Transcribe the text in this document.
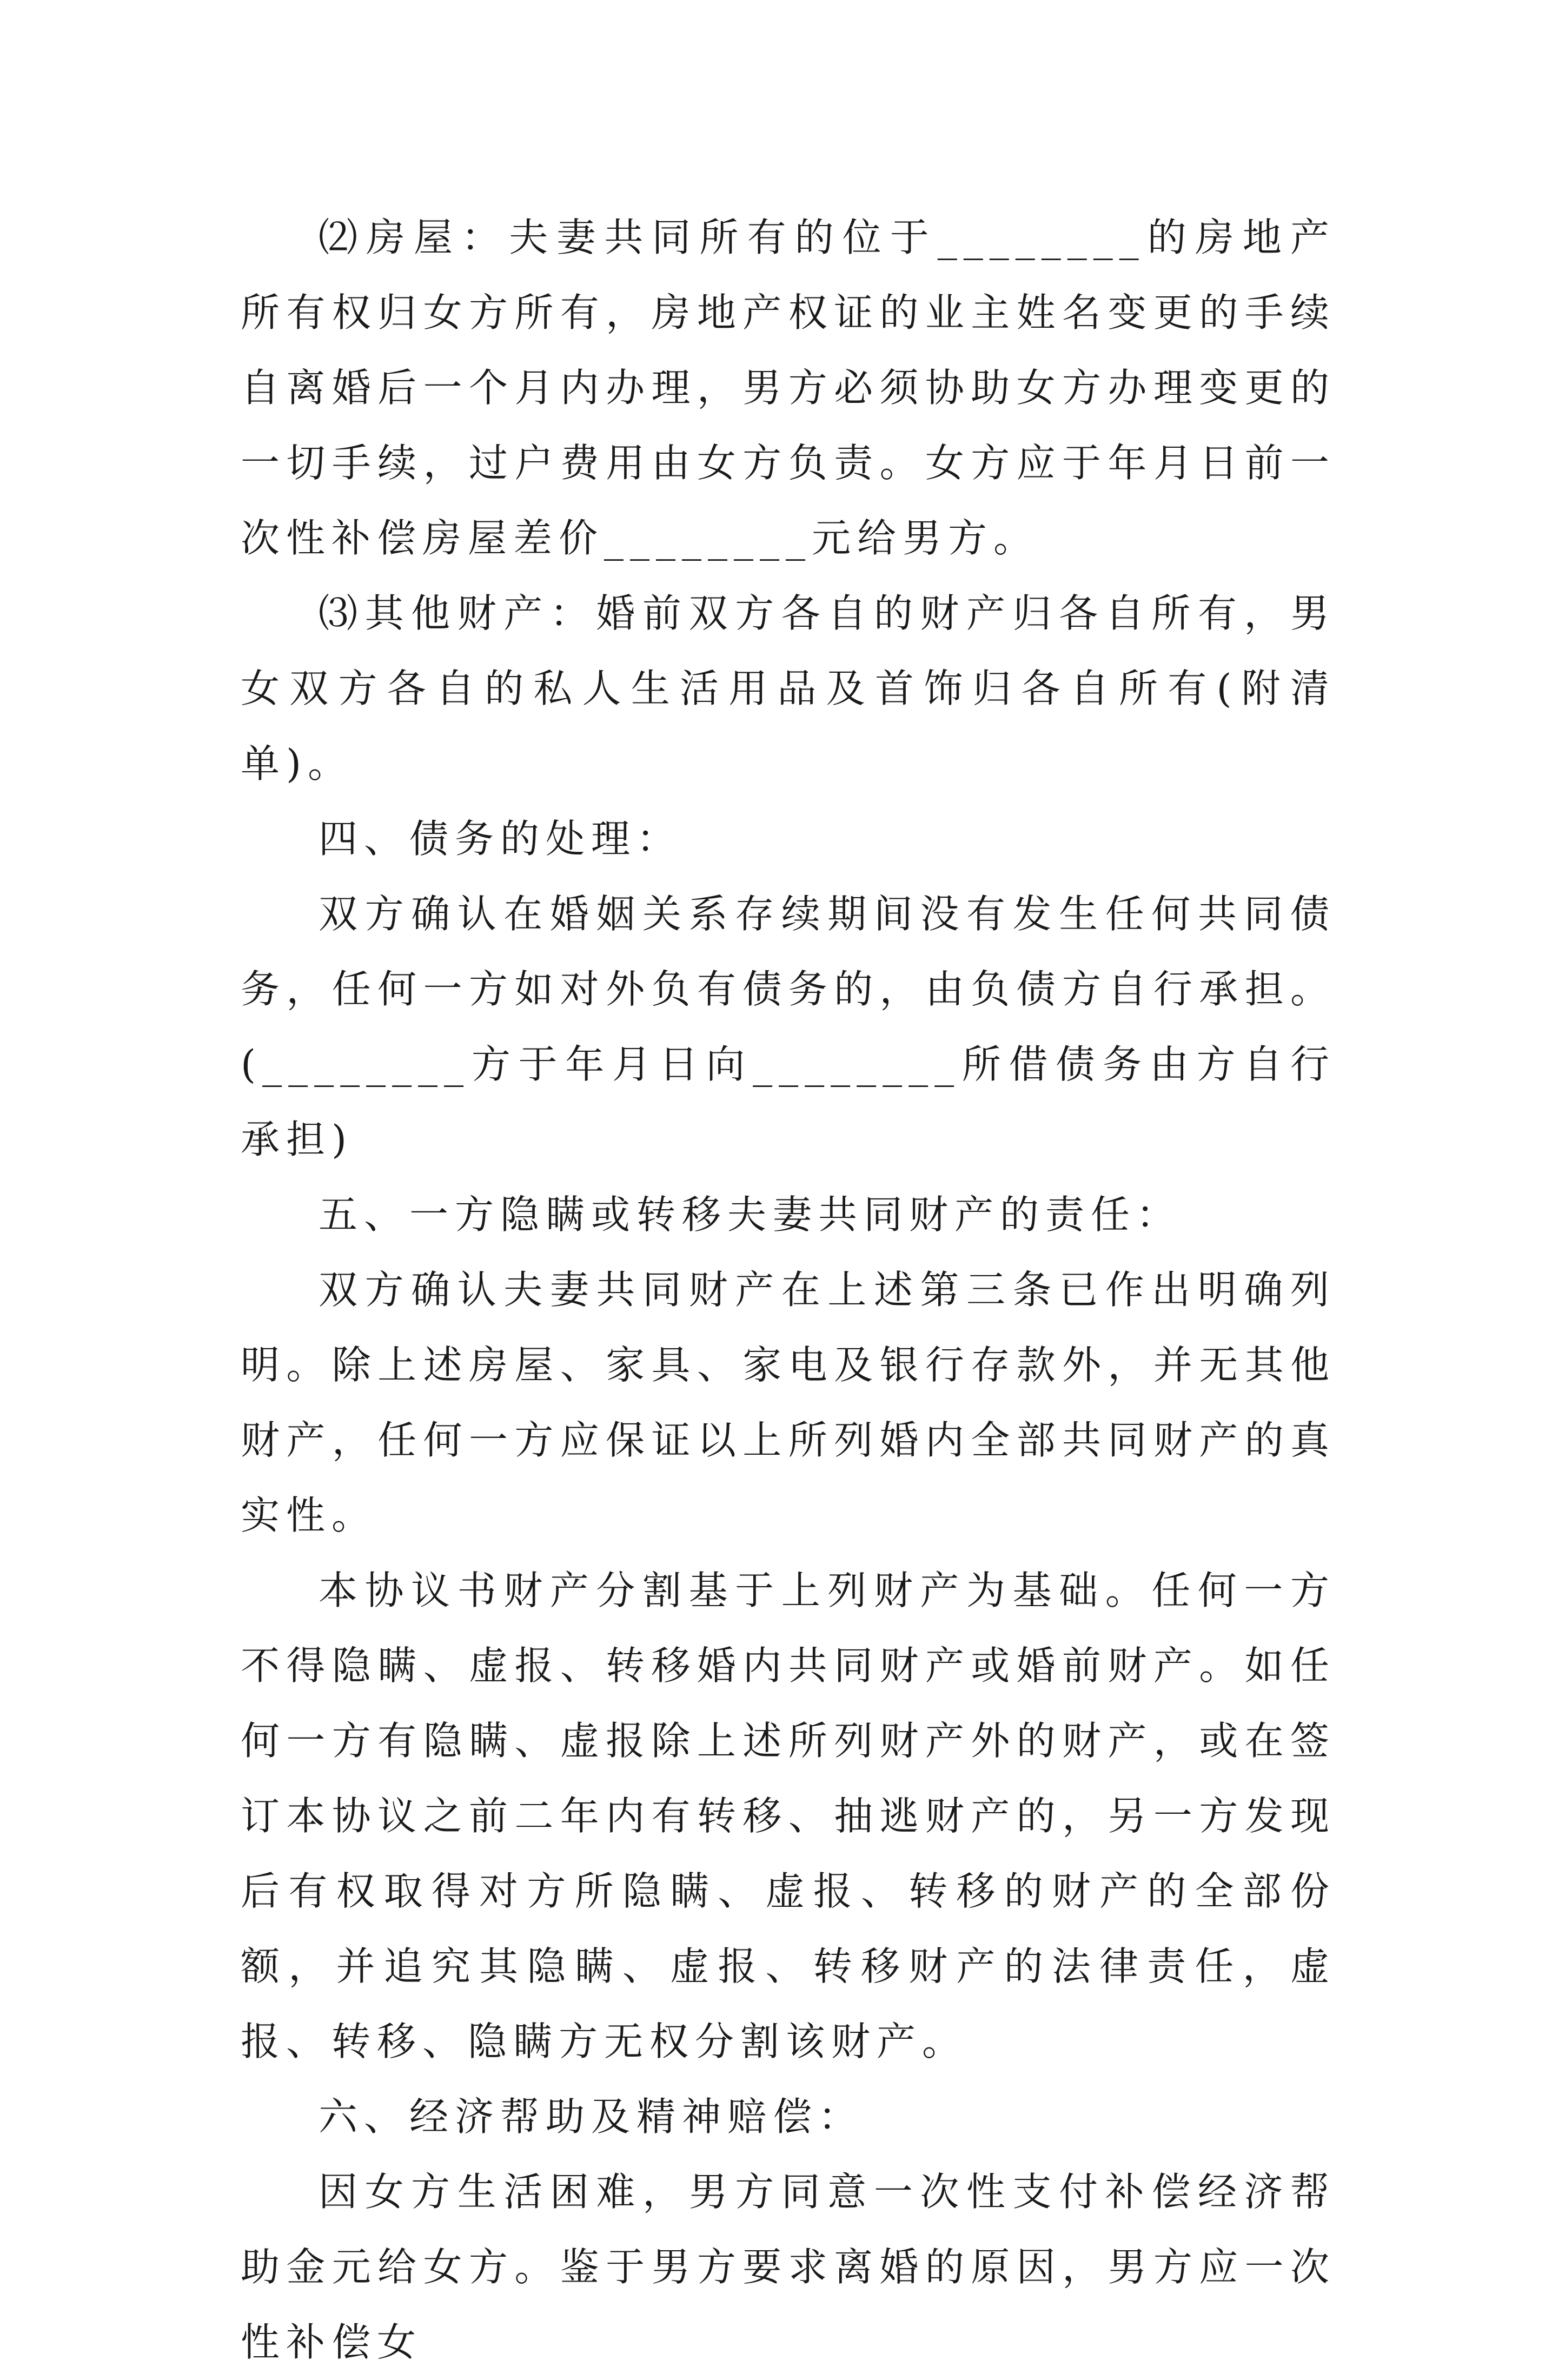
⑵房屋：夫妻共同所有的位于________的房地产所有权归女方所有，房地产权证的业主姓名变更的手续自离婚后一个月内办理，男方必须协助女方办理变更的一切手续，过户费用由女方负责。女方应于年月日前一次性补偿房屋差价________元给男方。

⑶其他财产：婚前双方各自的财产归各自所有，男女双方各自的私人生活用品及首饰归各自所有(附清单)。

四、债务的处理：

双方确认在婚姻关系存续期间没有发生任何共同债务，任何一方如对外负有债务的，由负债方自行承担。(________方于年月日向________所借债务由方自行承担)

五、一方隐瞒或转移夫妻共同财产的责任：

双方确认夫妻共同财产在上述第三条已作出明确列明。除上述房屋、家具、家电及银行存款外，并无其他财产，任何一方应保证以上所列婚内全部共同财产的真实性。

本协议书财产分割基于上列财产为基础。任何一方不得隐瞒、虚报、转移婚内共同财产或婚前财产。如任何一方有隐瞒、虚报除上述所列财产外的财产，或在签订本协议之前二年内有转移、抽逃财产的，另一方发现后有权取得对方所隐瞒、虚报、转移的财产的全部份额，并追究其隐瞒、虚报、转移财产的法律责任，虚报、转移、隐瞒方无权分割该财产。

六、经济帮助及精神赔偿：

因女方生活困难，男方同意一次性支付补偿经济帮助金元给女方。鉴于男方要求离婚的原因，男方应一次性补偿女
